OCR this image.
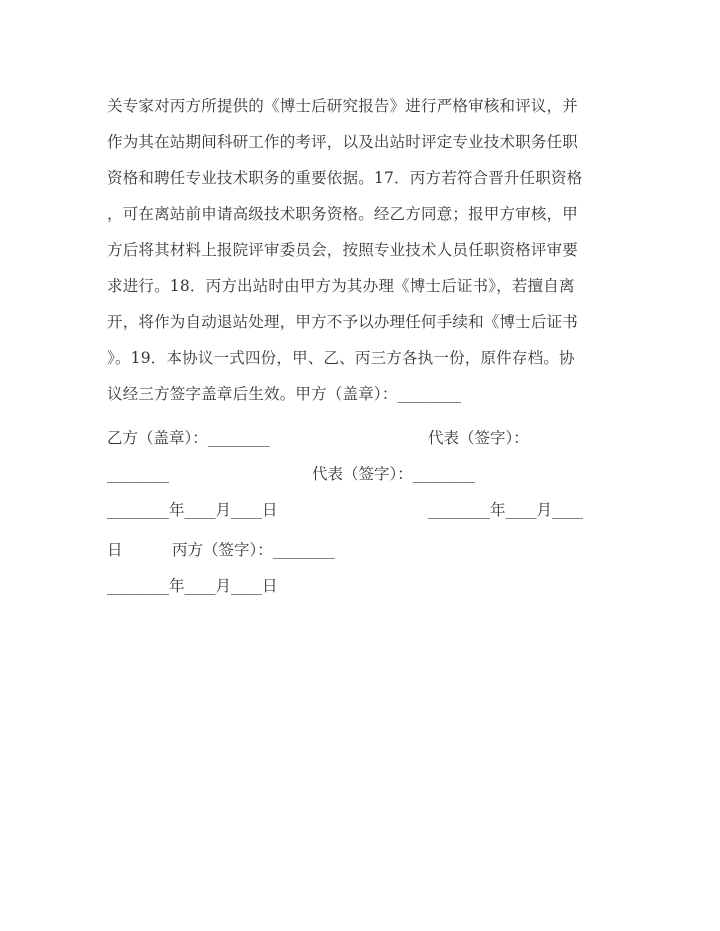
关专家对丙方所提供的《博士后研究报告》进行严格审核和评议，并
作为其在站期间科研工作的考评，以及出站时评定专业技术职务任职
资格和聘任专业技术职务的重要依据。17．丙方若符合晋升任职资格
，可在离站前申请高级技术职务资格。经乙方同意；报甲方审核，甲
方后将其材料上报院评审委员会，按照专业技术人员任职资格评审要
求进行。18．丙方出站时由甲方为其办理《博士后证书》，若擅自离
开，将作为自动退站处理，甲方不予以办理任何手续和《博士后证书
》。19．本协议一式四份，甲、乙、丙三方各执一份，原件存档。协
议经三方签字盖章后生效。甲方（盖章）：________
乙方（盖章）：________	代表（签字）：
________	代表（签字）：________
________年____月____日	________年____月____
日	丙方（签字）：________
________年____月____日
